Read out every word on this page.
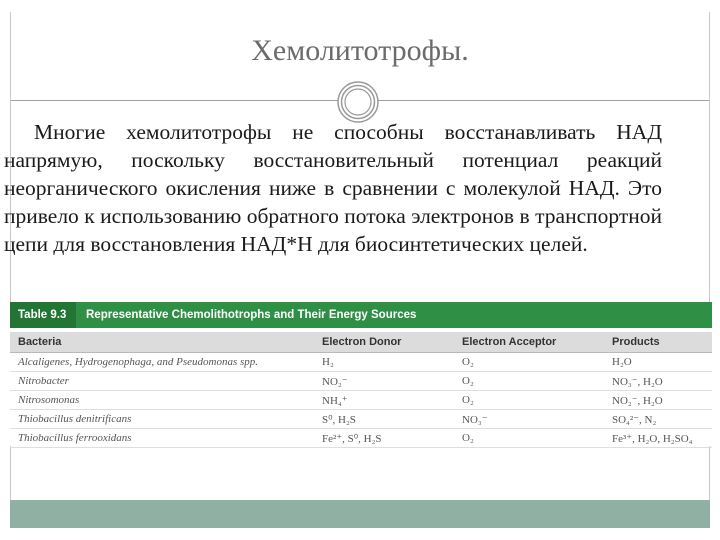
Хемолитотрофы.
Многие хемолитотрофы не способны восстанавливать НАД напрямую, поскольку восстановительный потенциал реакций неорганического окисления ниже в сравнении с молекулой НАД. Это привело к использованию обратного потока электронов в транспортной цепи для восстановления НАД*Н для биосинтетических целей.
Table 9.3	Representative Chemolithotrophs and Their Energy Sources
Bacteria	Electron Donor	Electron Acceptor	Products
Alcaligenes, Hydrogenophaga, and Pseudomonas spp.	H₂	O₂	H₂O
Nitrobacter	NO₂⁻	O₂	NO₃⁻, H₂O
Nitrosomonas	NH₄⁺	O₂	NO₂⁻, H₂O
Thiobacillus denitrificans	S⁰, H₂S	NO₃⁻	SO₄²⁻, N₂
Thiobacillus ferrooxidans	Fe²⁺, S⁰, H₂S	O₂	Fe³⁺, H₂O, H₂SO₄
